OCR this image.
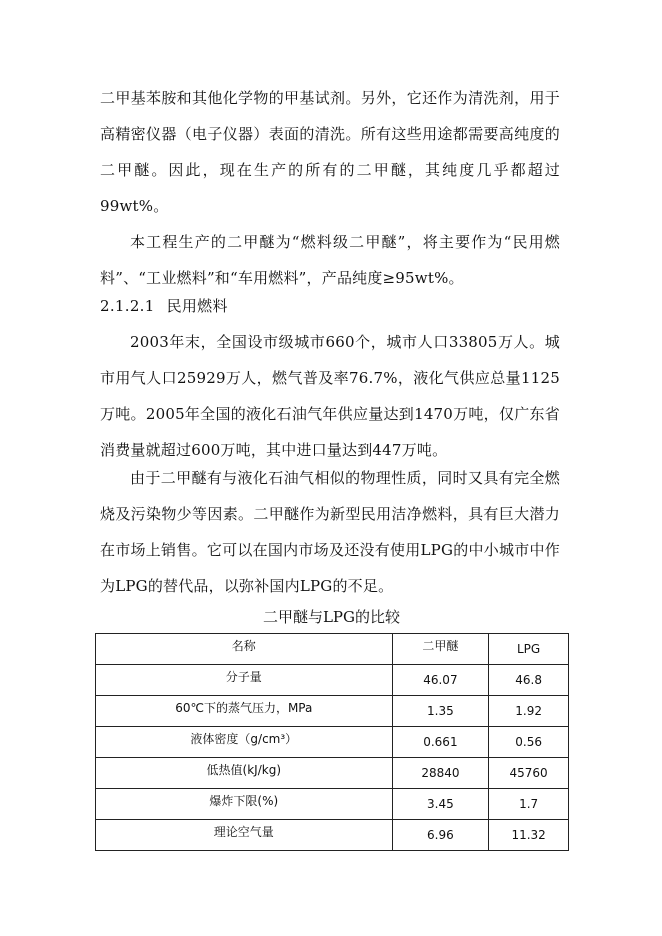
二甲基苯胺和其他化学物的甲基试剂。另外，它还作为清洗剂，用于高精密仪器（电子仪器）表面的清洗。所有这些用途都需要高纯度的二甲醚。因此，现在生产的所有的二甲醚，其纯度几乎都超过99wt%。

本工程生产的二甲醚为“燃料级二甲醚”，将主要作为“民用燃料”、“工业燃料”和“车用燃料”，产品纯度≥95wt%。

2.1.2.1 民用燃料

2003年末，全国设市级城市660个，城市人口33805万人。城市用气人口25929万人，燃气普及率76.7%，液化气供应总量1125万吨。2005年全国的液化石油气年供应量达到1470万吨，仅广东省消费量就超过600万吨，其中进口量达到447万吨。

由于二甲醚有与液化石油气相似的物理性质，同时又具有完全燃烧及污染物少等因素。二甲醚作为新型民用洁净燃料，具有巨大潜力在市场上销售。它可以在国内市场及还没有使用LPG的中小城市中作为LPG的替代品，以弥补国内LPG的不足。

二甲醚与LPG的比较

名称	二甲醚	LPG
分子量	46.07	46.8
60℃下的蒸气压力，MPa	1.35	1.92
液体密度（g/cm³）	0.661	0.56
低热值(kJ/kg)	28840	45760
爆炸下限(%)	3.45	1.7
理论空气量	6.96	11.32
